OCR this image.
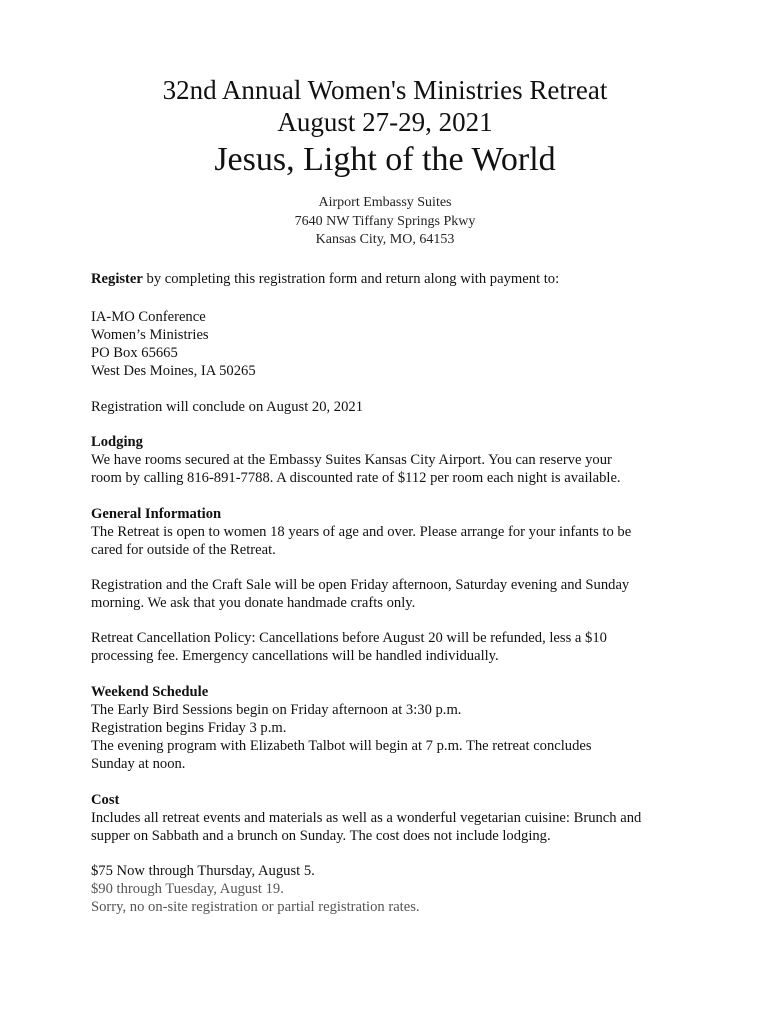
32nd Annual Women's Ministries Retreat
August 27-29, 2021
Jesus, Light of the World
Airport Embassy Suites
7640 NW Tiffany Springs Pkwy
Kansas City, MO, 64153

Register by completing this registration form and return along with payment to:

IA-MO Conference

Women’s Ministries

PO Box 65665

West Des Moines, IA 50265

Registration will conclude on August 20, 2021

Lodging

We have rooms secured at the Embassy Suites Kansas City Airport. You can reserve your

room by calling 816-891-7788. A discounted rate of $112 per room each night is available.

General Information

The Retreat is open to women 18 years of age and over. Please arrange for your infants to be

cared for outside of the Retreat.

Registration and the Craft Sale will be open Friday afternoon, Saturday evening and Sunday

morning. We ask that you donate handmade crafts only.

Retreat Cancellation Policy: Cancellations before August 20 will be refunded, less a $10

processing fee. Emergency cancellations will be handled individually.

Weekend Schedule

The Early Bird Sessions begin on Friday afternoon at 3:30 p.m.

Registration begins Friday 3 p.m.

The evening program with Elizabeth Talbot will begin at 7 p.m. The retreat concludes

Sunday at noon.

Cost

Includes all retreat events and materials as well as a wonderful vegetarian cuisine: Brunch and

supper on Sabbath and a brunch on Sunday. The cost does not include lodging.

$75 Now through Thursday, August 5.

$90 through Tuesday, August 19.

Sorry, no on-site registration or partial registration rates.
